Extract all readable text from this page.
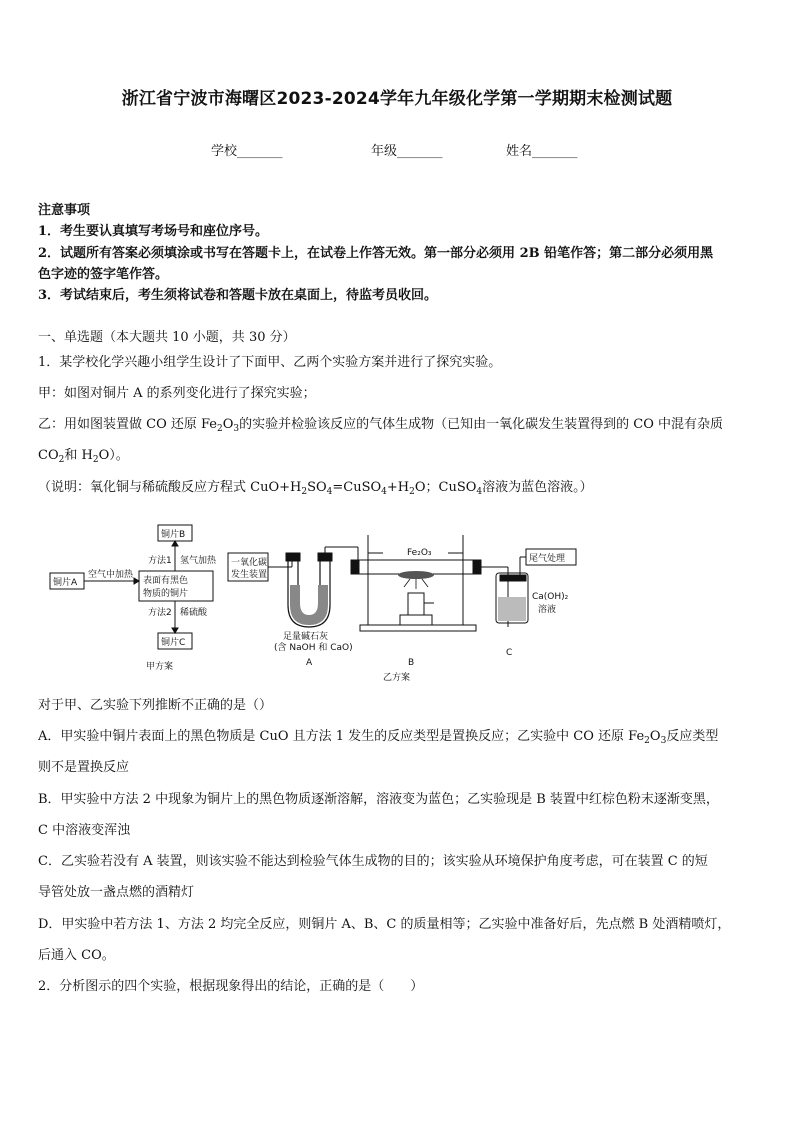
浙江省宁波市海曙区2023-2024学年九年级化学第一学期期末检测试题
学校_______	年级_______	姓名_______
注意事项
1．考生要认真填写考场号和座位序号。
2．试题所有答案必须填涂或书写在答题卡上，在试卷上作答无效。第一部分必须用 2B 铅笔作答；第二部分必须用黑
色字迹的签字笔作答。
3．考试结束后，考生须将试卷和答题卡放在桌面上，待监考员收回。
一、单选题（本大题共 10 小题，共 30 分）
1．某学校化学兴趣小组学生设计了下面甲、乙两个实验方案并进行了探究实验。
甲：如图对铜片 A 的系列变化进行了探究实验；
乙：用如图装置做 CO 还原 $Fe_2O_3$的实验并检验该反应的气体生成物（已知由一氧化碳发生装置得到的 CO 中混有杂质
$CO_2$和 $H_2O$）。
（说明：氧化铜与稀硫酸反应方程式 $CuO+H_2SO_4=CuSO_4+H_2O$；CuSO$_4$溶液为蓝色溶液。）
铜片A
空气中加热
表面有黑色
物质的铜片
铜片B
方法1 氢气加热
方法2 稀硫酸
铜片C
甲方案
一氧化碳
发生装置
足量碱石灰
(含 NaOH 和 CaO)
A
Fe₂O₃
B
乙方案
尾气处理
Ca(OH)₂
溶液
C
对于甲、乙实验下列推断不正确的是（）
A．甲实验中铜片表面上的黑色物质是 CuO 且方法 1 发生的反应类型是置换反应；乙实验中 CO 还原 $Fe_2O_3$反应类型
则不是置换反应
B．甲实验中方法 2 中现象为铜片上的黑色物质逐渐溶解，溶液变为蓝色；乙实验现是 B 装置中红棕色粉末逐渐变黑，
C 中溶液变浑浊
C．乙实验若没有 A 装置，则该实验不能达到检验气体生成物的目的；该实验从环境保护角度考虑，可在装置 C 的短
导管处放一盏点燃的酒精灯
D．甲实验中若方法 1、方法 2 均完全反应，则铜片 A、B、C 的质量相等；乙实验中准备好后，先点燃 B 处酒精喷灯，
后通入 CO。
2．分析图示的四个实验，根据现象得出的结论，正确的是（　　）
